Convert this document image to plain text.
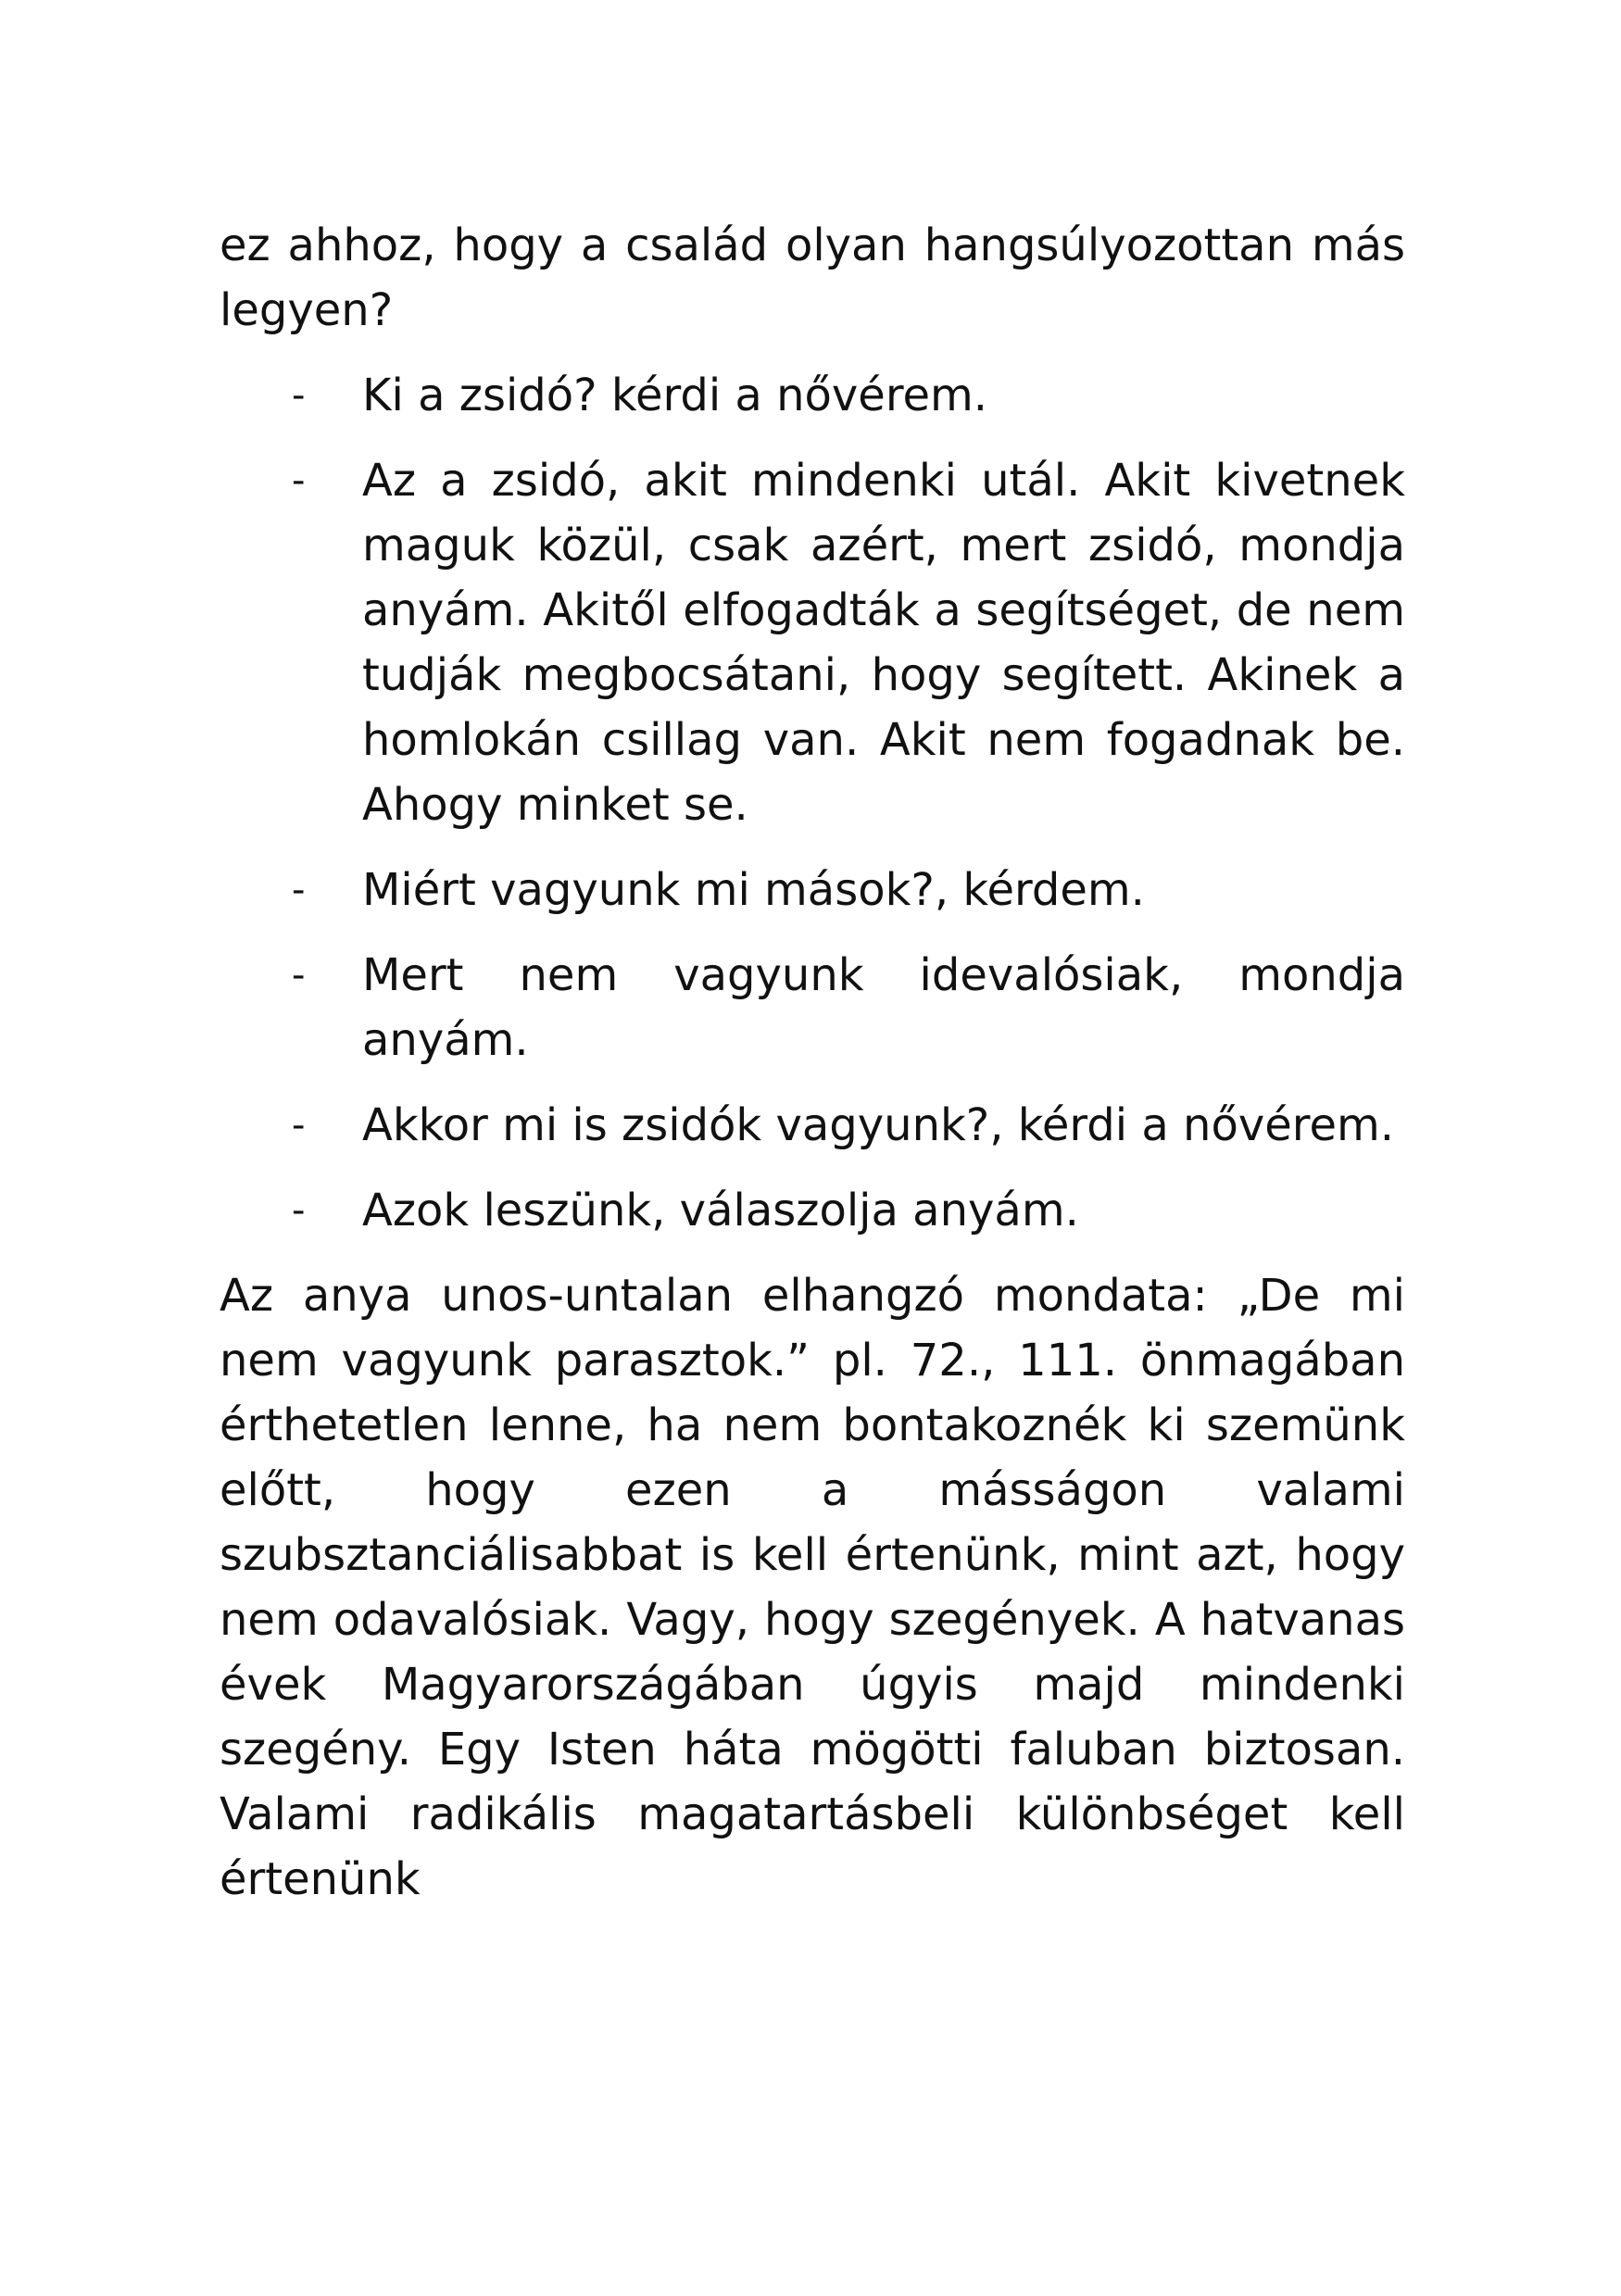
ez ahhoz, hogy a család olyan hangsúlyozottan más legyen?

-	Ki a zsidó? kérdi a nővérem.
-	Az a zsidó, akit mindenki utál. Akit kivetnek maguk közül, csak azért, mert zsidó, mondja anyám. Akitől elfogadták a segítséget, de nem tudják megbocsátani, hogy segített. Akinek a homlokán csillag van. Akit nem fogadnak be. Ahogy minket se.
-	Miért vagyunk mi mások?, kérdem.
-	Mert nem vagyunk idevalósiak, mondja anyám.
-	Akkor mi is zsidók vagyunk?, kérdi a nővérem.
-	Azok leszünk, válaszolja anyám.

Az anya unos-untalan elhangzó mondata: „De mi nem vagyunk parasztok.” pl. 72., 111. önmagában érthetetlen lenne, ha nem bontakoznék ki szemünk előtt, hogy ezen a másságon valami szubsztanciálisabbat is kell értenünk, mint azt, hogy nem odavalósiak. Vagy, hogy szegények. A hatvanas évek Magyarországában úgyis majd mindenki szegény. Egy Isten háta mögötti faluban biztosan. Valami radikális magatartásbeli különbséget kell értenünk
